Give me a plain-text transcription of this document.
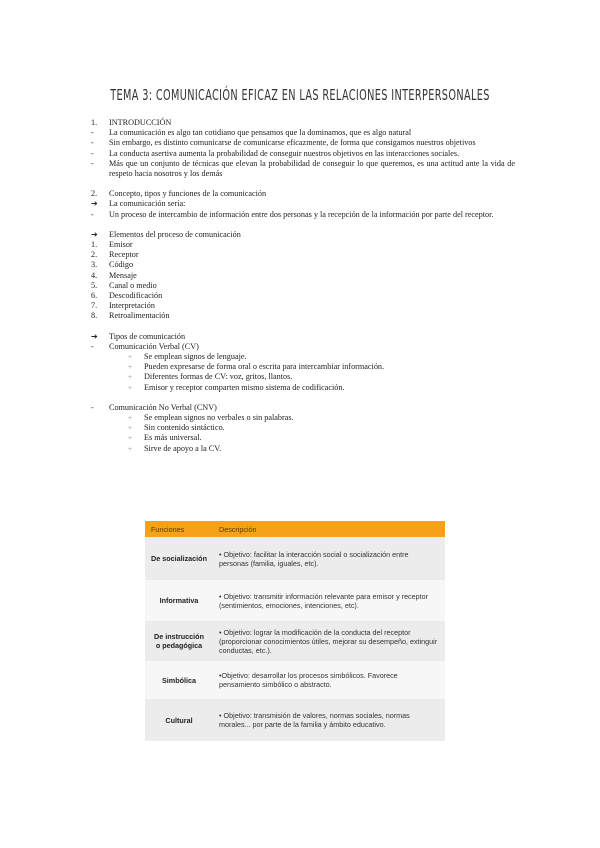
TEMA 3: COMUNICACIÓN EFICAZ EN LAS RELACIONES INTERPERSONALES
1.	INTRODUCCIÓN
-	La comunicación es algo tan cotidiano que pensamos que la dominamos, que es algo natural
-	Sin embargo, es distinto comunicarse de comunicarse eficazmente, de forma que consigamos nuestros objetivos
-	La conducta asertiva aumenta la probabilidad de conseguir nuestros objetivos en las interacciones sociales.
-	Más que un conjunto de técnicas que elevan la probabilidad de conseguir lo que queremos, es una actitud ante la vida de respeto hacia nosotros y los demás
2.	Concepto, tipos y funciones de la comunicación
➔	La comunicación sería:
-	Un proceso de intercambio de información entre dos personas y la recepción de la información por parte del receptor.
➔	Elementos del proceso de comunicación
1.	Emisor
2.	Receptor
3.	Código
4.	Mensaje
5.	Canal o medio
6.	Descodificación
7.	Interpretación
8.	Retroalimentación
➔	Tipos de comunicación
-	Comunicación Verbal (CV)
+ Se emplean signos de lenguaje.
+ Pueden expresarse de forma oral o escrita para intercambiar información.
+ Diferentes formas de CV: voz, gritos, llantos.
+ Emisor y receptor comparten mismo sistema de codificación.
-	Comunicación No Verbal (CNV)
+ Se emplean signos no verbales o sin palabras.
+ Sin contenido sintáctico.
+ Es más universal.
+ Sirve de apoyo a la CV.
Funciones	Descripción
De socialización	• Objetivo: facilitar la interacción social o socialización entre personas (familia, iguales, etc).
Informativa	• Objetivo: transmitir información relevante para emisor y receptor (sentimientos, emociones, intenciones, etc).
De instrucción o pedagógica	• Objetivo: lograr la modificación de la conducta del receptor (proporcionar conocimientos útiles, mejorar su desempeño, extinguir conductas, etc.).
Simbólica	•Objetivo: desarrollar los procesos simbólicos. Favorece pensamiento simbólico o abstracto.
Cultural	• Objetivo: transmisión de valores, normas sociales, normas morales... por parte de la familia y ámbito educativo.
